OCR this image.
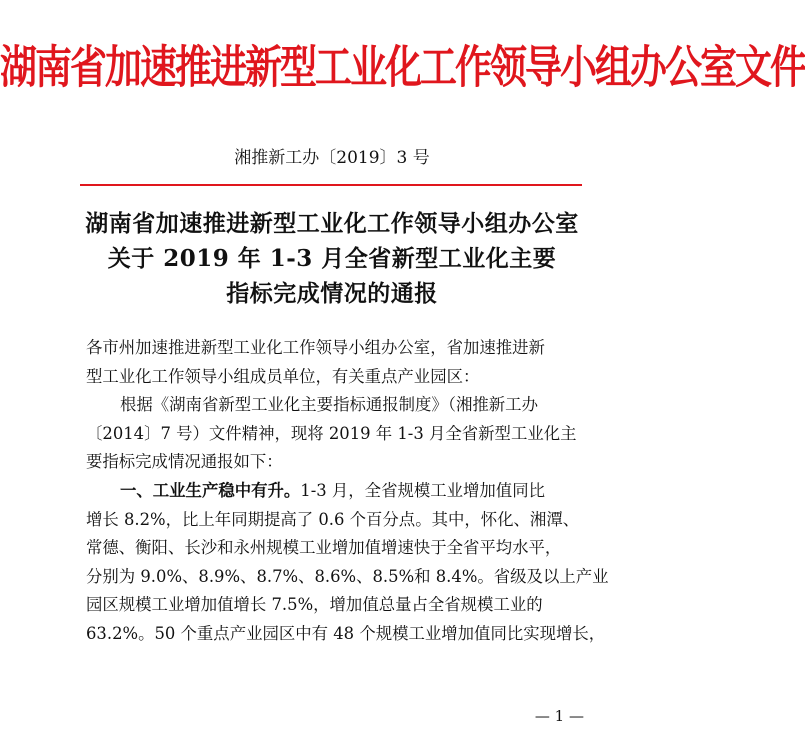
湖南省加速推进新型工业化工作领导小组办公室文件
湘推新工办〔2019〕3 号
湖南省加速推进新型工业化工作领导小组办公室
关于 2019 年 1-3 月全省新型工业化主要
指标完成情况的通报
各市州加速推进新型工业化工作领导小组办公室，省加速推进新
型工业化工作领导小组成员单位，有关重点产业园区：
根据《湖南省新型工业化主要指标通报制度》（湘推新工办
〔2014〕7 号）文件精神，现将 2019 年 1-3 月全省新型工业化主
要指标完成情况通报如下：
一、工业生产稳中有升。1-3 月，全省规模工业增加值同比
增长 8.2%，比上年同期提高了 0.6 个百分点。其中，怀化、湘潭、
常德、衡阳、长沙和永州规模工业增加值增速快于全省平均水平，
分别为 9.0%、8.9%、8.7%、8.6%、8.5%和 8.4%。省级及以上产业
园区规模工业增加值增长 7.5%，增加值总量占全省规模工业的
63.2%。50 个重点产业园区中有 48 个规模工业增加值同比实现增长，
— 1 —
